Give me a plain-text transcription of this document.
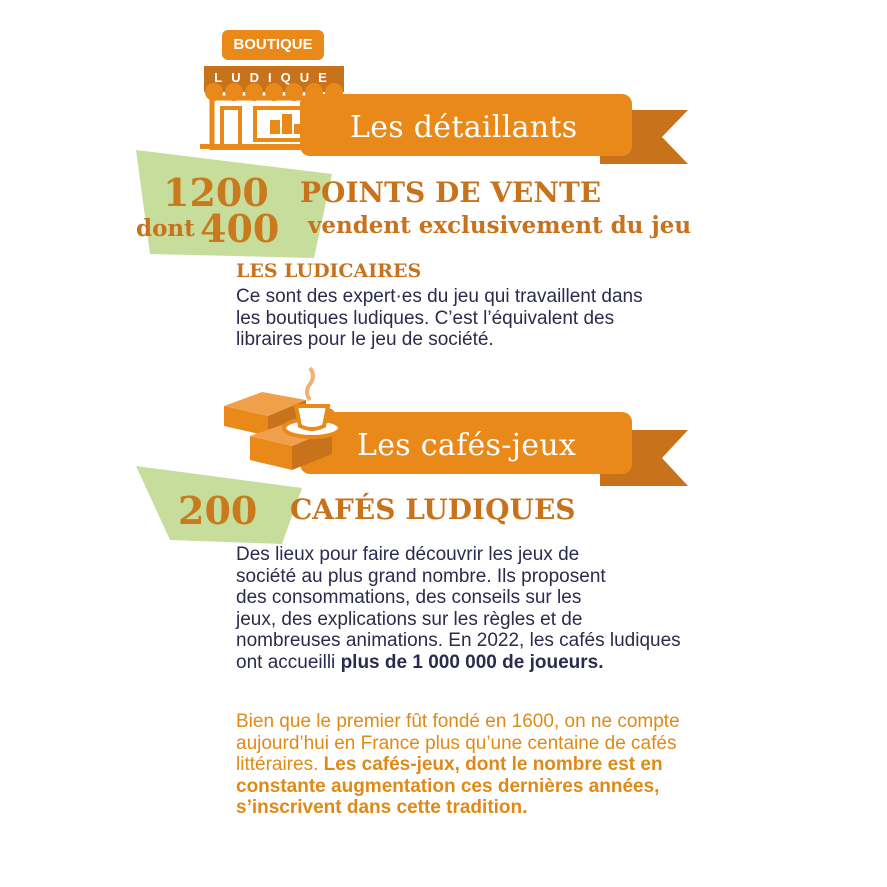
Les détaillants
BOUTIQUE
LUDIQUE
1200 POINTS DE VENTE
dont 400 vendent exclusivement du jeu
LES LUDICAIRES
Ce sont des expert·es du jeu qui travaillent dans
les boutiques ludiques. C’est l’équivalent des
libraires pour le jeu de société.
Les cafés-jeux
200 CAFÉS LUDIQUES
Des lieux pour faire découvrir les jeux de
société au plus grand nombre. Ils proposent
des consommations, des conseils sur les
jeux, des explications sur les règles et de
nombreuses animations. En 2022, les cafés ludiques
ont accueilli plus de 1 000 000 de joueurs.
Bien que le premier fût fondé en 1600, on ne compte
aujourd’hui en France plus qu’une centaine de cafés
littéraires. Les cafés-jeux, dont le nombre est en
constante augmentation ces dernières années,
s’inscrivent dans cette tradition.
